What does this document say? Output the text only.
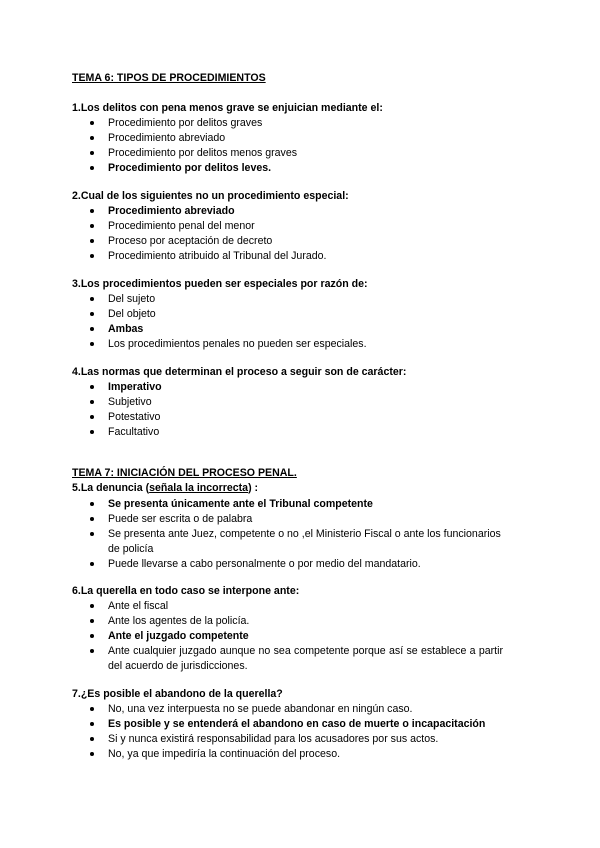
TEMA 6: TIPOS DE PROCEDIMIENTOS
1.Los delitos con pena menos grave se enjuician mediante el:
Procedimiento por delitos graves
Procedimiento abreviado
Procedimiento por delitos menos graves
Procedimiento por delitos leves.
2.Cual de los siguientes no un procedimiento especial:
Procedimiento abreviado
Procedimiento penal del menor
Proceso por aceptación de decreto
Procedimiento atribuido al Tribunal del Jurado.
3.Los procedimientos pueden ser especiales por razón de:
Del sujeto
Del objeto
Ambas
Los procedimientos penales no pueden ser especiales.
4.Las normas que determinan el proceso a seguir son de carácter:
Imperativo
Subjetivo
Potestativo
Facultativo
TEMA 7: INICIACIÓN DEL PROCESO PENAL.
5.La denuncia (señala la incorrecta) :
Se presenta únicamente ante el Tribunal competente
Puede ser escrita o de palabra
Se presenta ante Juez, competente o no ,el Ministerio Fiscal o ante los funcionarios de policía
Puede llevarse a cabo personalmente o por medio del mandatario.
6.La querella en todo caso se interpone ante:
Ante el fiscal
Ante los agentes de la policía.
Ante el juzgado competente
Ante cualquier juzgado aunque no sea competente porque así se establece a partir del acuerdo de jurisdicciones.
7.¿Es posible el abandono de la querella?
No, una vez interpuesta no se puede abandonar en ningún caso.
Es posible y se entenderá el abandono en caso de muerte o incapacitación
Si y nunca existirá responsabilidad para los acusadores por sus actos.
No, ya que impediría la continuación del proceso.
